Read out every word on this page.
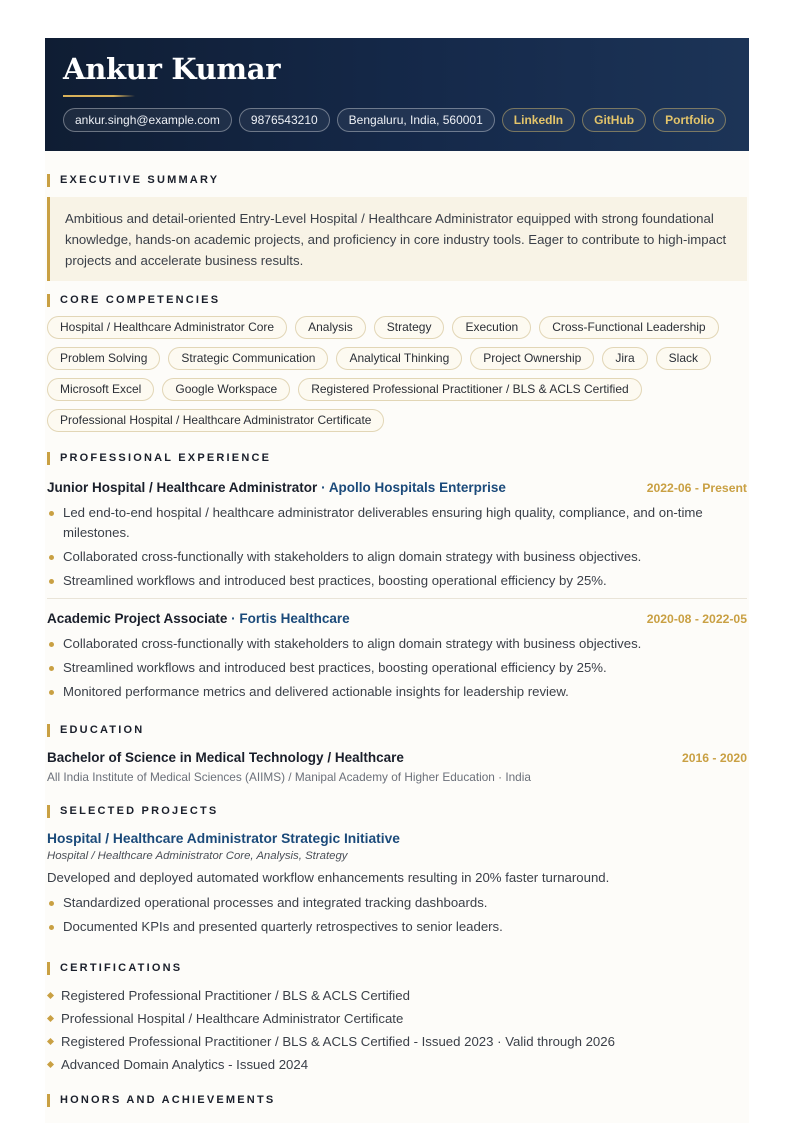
Ankur Kumar
ankur.singh@example.com	9876543210	Bengaluru, India, 560001	LinkedIn	GitHub	Portfolio
EXECUTIVE SUMMARY
Ambitious and detail-oriented Entry-Level Hospital / Healthcare Administrator equipped with strong foundational knowledge, hands-on academic projects, and proficiency in core industry tools. Eager to contribute to high-impact projects and accelerate business results.
CORE COMPETENCIES
Hospital / Healthcare Administrator Core	Analysis	Strategy	Execution	Cross-Functional Leadership
Problem Solving	Strategic Communication	Analytical Thinking	Project Ownership	Jira	Slack
Microsoft Excel	Google Workspace	Registered Professional Practitioner / BLS & ACLS Certified
Professional Hospital / Healthcare Administrator Certificate
PROFESSIONAL EXPERIENCE
Junior Hospital / Healthcare Administrator · Apollo Hospitals Enterprise	2022-06 - Present
Led end-to-end hospital / healthcare administrator deliverables ensuring high quality, compliance, and on-time milestones.
Collaborated cross-functionally with stakeholders to align domain strategy with business objectives.
Streamlined workflows and introduced best practices, boosting operational efficiency by 25%.
Academic Project Associate · Fortis Healthcare	2020-08 - 2022-05
Collaborated cross-functionally with stakeholders to align domain strategy with business objectives.
Streamlined workflows and introduced best practices, boosting operational efficiency by 25%.
Monitored performance metrics and delivered actionable insights for leadership review.
EDUCATION
Bachelor of Science in Medical Technology / Healthcare	2016 - 2020
All India Institute of Medical Sciences (AIIMS) / Manipal Academy of Higher Education · India
SELECTED PROJECTS
Hospital / Healthcare Administrator Strategic Initiative
Hospital / Healthcare Administrator Core, Analysis, Strategy
Developed and deployed automated workflow enhancements resulting in 20% faster turnaround.
Standardized operational processes and integrated tracking dashboards.
Documented KPIs and presented quarterly retrospectives to senior leaders.
CERTIFICATIONS
Registered Professional Practitioner / BLS & ACLS Certified
Professional Hospital / Healthcare Administrator Certificate
Registered Professional Practitioner / BLS & ACLS Certified - Issued 2023 · Valid through 2026
Advanced Domain Analytics - Issued 2024
HONORS AND ACHIEVEMENTS
